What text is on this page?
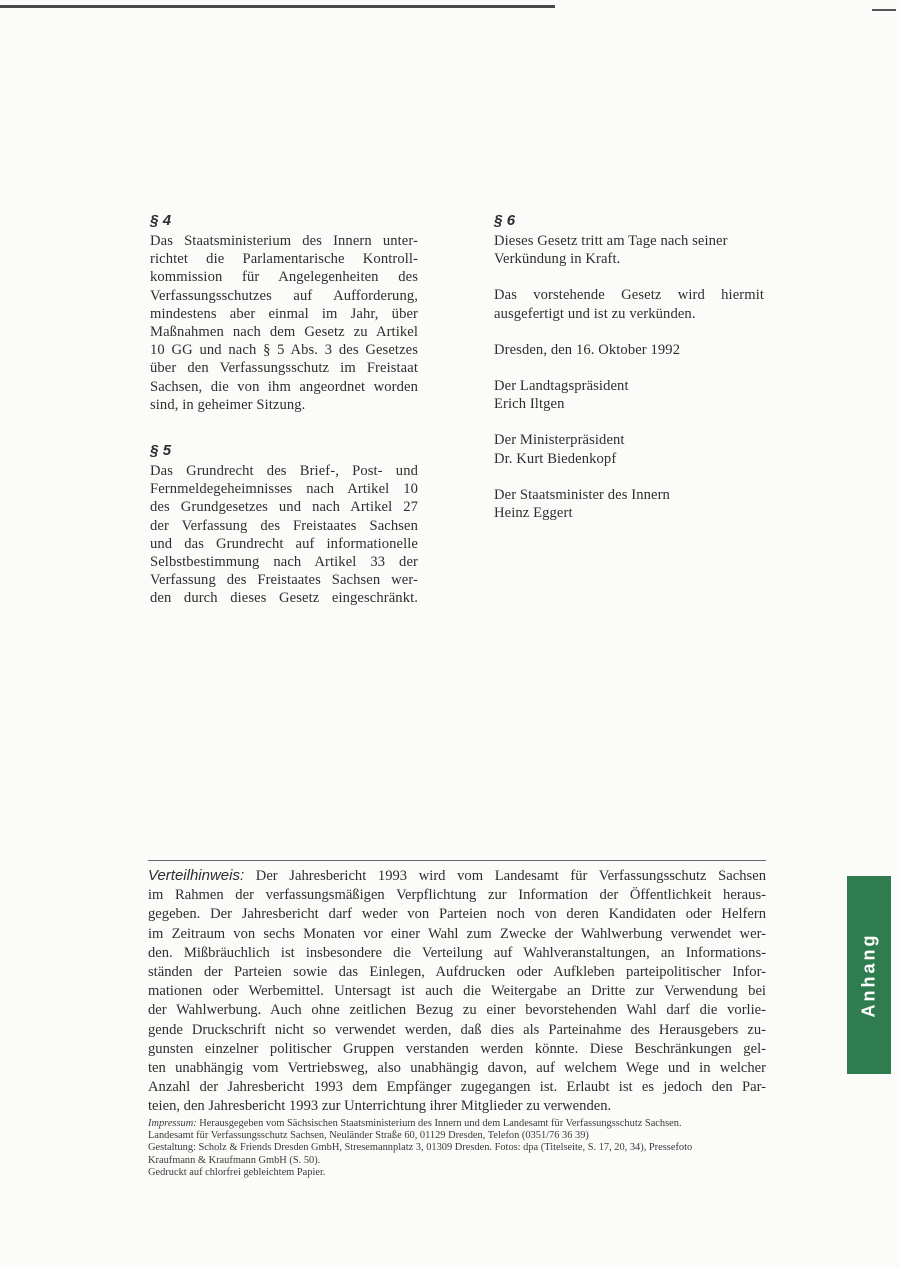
§ 4

Das Staatsministerium des Innern unter-
richtet die Parlamentarische Kontroll-
kommission für Angelegenheiten des
Verfassungsschutzes auf Aufforderung,
mindestens aber einmal im Jahr, über
Maßnahmen nach dem Gesetz zu Artikel
10 GG und nach § 5 Abs. 3 des Gesetzes
über den Verfassungsschutz im Freistaat
Sachsen, die von ihm angeordnet worden
sind, in geheimer Sitzung.

§ 5

Das Grundrecht des Brief-, Post- und
Fernmeldegeheimnisses nach Artikel 10
des Grundgesetzes und nach Artikel 27
der Verfassung des Freistaates Sachsen
und das Grundrecht auf informationelle
Selbstbestimmung nach Artikel 33 der
Verfassung des Freistaates Sachsen wer-
den durch dieses Gesetz eingeschränkt.

§ 6

Dieses Gesetz tritt am Tage nach seiner
Verkündung in Kraft.

Das vorstehende Gesetz wird hiermit
ausgefertigt und ist zu verkünden.

Dresden, den 16. Oktober 1992

Der Landtagspräsident
Erich Iltgen

Der Ministerpräsident
Dr. Kurt Biedenkopf

Der Staatsminister des Innern
Heinz Eggert

Verteilhinweis: Der Jahresbericht 1993 wird vom Landesamt für Verfassungsschutz Sachsen
im Rahmen der verfassungsmäßigen Verpflichtung zur Information der Öffentlichkeit heraus-
gegeben. Der Jahresbericht darf weder von Parteien noch von deren Kandidaten oder Helfern
im Zeitraum von sechs Monaten vor einer Wahl zum Zwecke der Wahlwerbung verwendet wer-
den. Mißbräuchlich ist insbesondere die Verteilung auf Wahlveranstaltungen, an Informations-
ständen der Parteien sowie das Einlegen, Aufdrucken oder Aufkleben parteipolitischer Infor-
mationen oder Werbemittel. Untersagt ist auch die Weitergabe an Dritte zur Verwendung bei
der Wahlwerbung. Auch ohne zeitlichen Bezug zu einer bevorstehenden Wahl darf die vorlie-
gende Druckschrift nicht so verwendet werden, daß dies als Parteinahme des Herausgebers zu-
gunsten einzelner politischer Gruppen verstanden werden könnte. Diese Beschränkungen gel-
ten unabhängig vom Vertriebsweg, also unabhängig davon, auf welchem Wege und in welcher
Anzahl der Jahresbericht 1993 dem Empfänger zugegangen ist. Erlaubt ist es jedoch den Par-
teien, den Jahresbericht 1993 zur Unterrichtung ihrer Mitglieder zu verwenden.
Impressum: Herausgegeben vom Sächsischen Staatsministerium des Innern und dem Landesamt für Verfassungsschutz Sachsen.
Landesamt für Verfassungsschutz Sachsen, Neuländer Straße 60, 01129 Dresden, Telefon (0351/76 36 39)
Gestaltung: Scholz & Friends Dresden GmbH, Stresemannplatz 3, 01309 Dresden. Fotos: dpa (Titelseite, S. 17, 20, 34), Pressefoto
Kraufmann & Kraufmann GmbH (S. 50).
Gedruckt auf chlorfrei gebleichtem Papier.
Anhang
